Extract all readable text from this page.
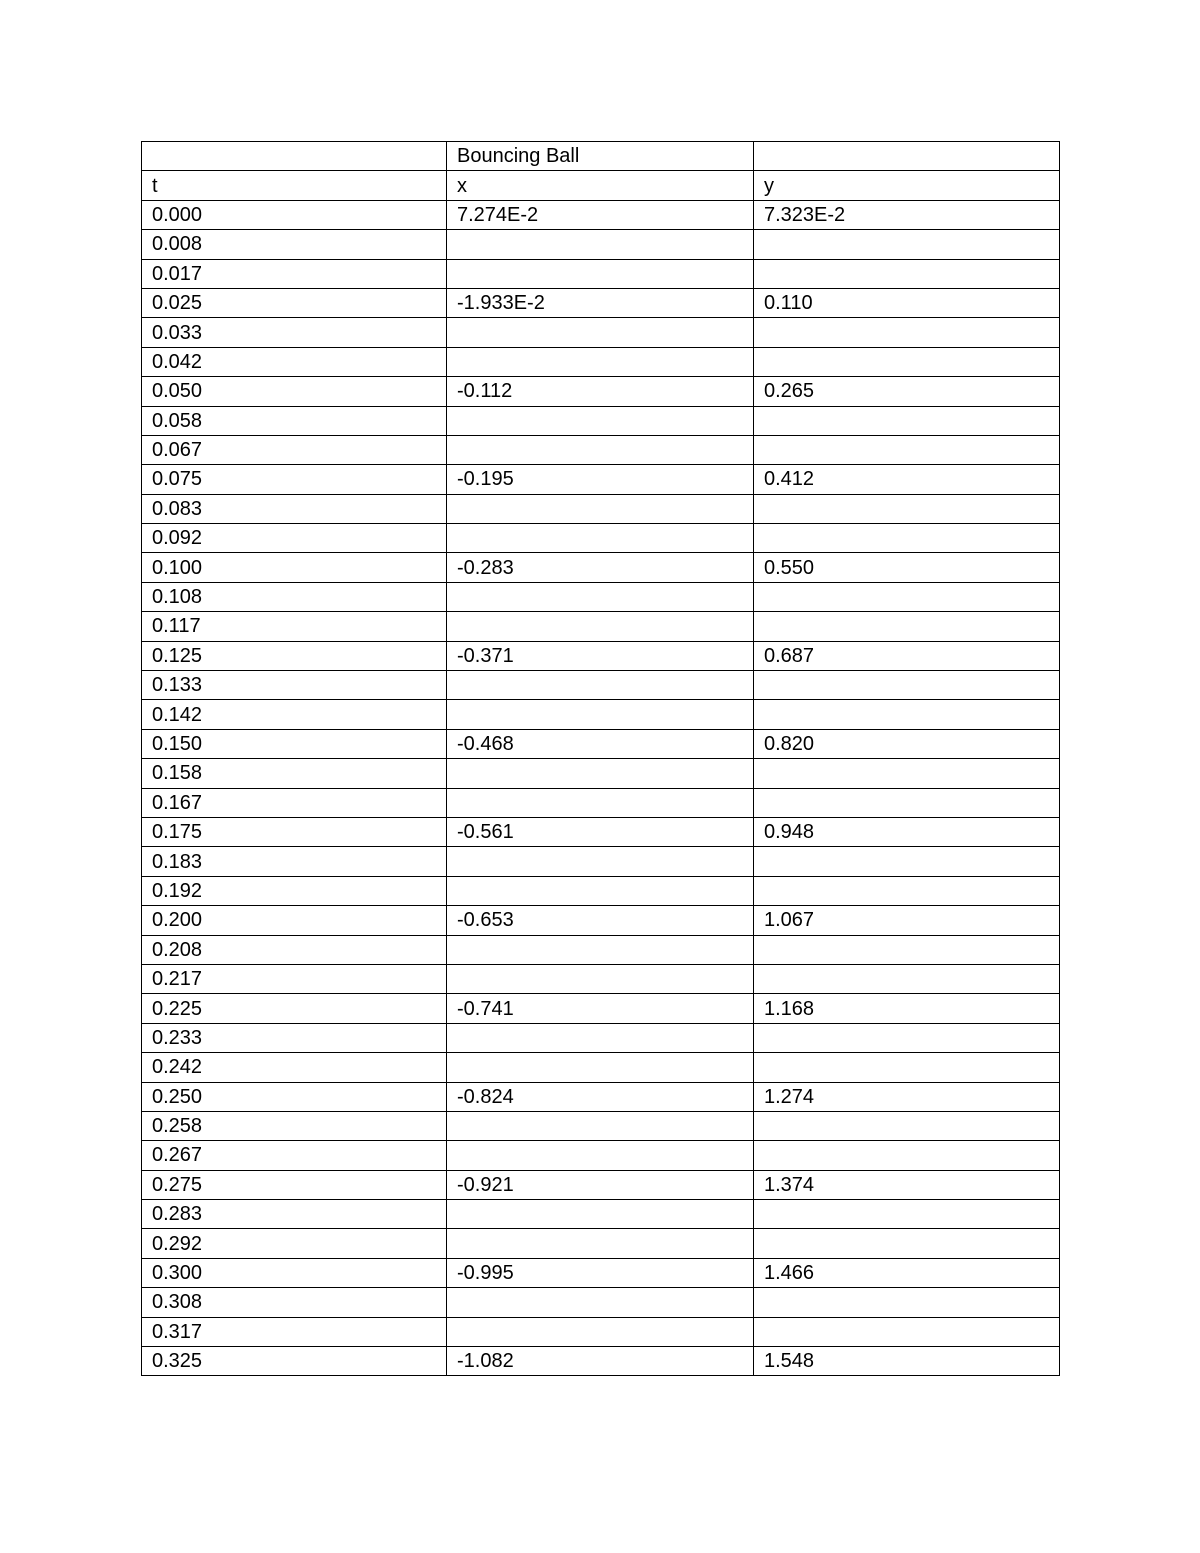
	Bouncing Ball	
t	x	y
0.000	7.274E-2	7.323E-2
0.008		
0.017		
0.025	-1.933E-2	0.110
0.033		
0.042		
0.050	-0.112	0.265
0.058		
0.067		
0.075	-0.195	0.412
0.083		
0.092		
0.100	-0.283	0.550
0.108		
0.117		
0.125	-0.371	0.687
0.133		
0.142		
0.150	-0.468	0.820
0.158		
0.167		
0.175	-0.561	0.948
0.183		
0.192		
0.200	-0.653	1.067
0.208		
0.217		
0.225	-0.741	1.168
0.233		
0.242		
0.250	-0.824	1.274
0.258		
0.267		
0.275	-0.921	1.374
0.283		
0.292		
0.300	-0.995	1.466
0.308		
0.317		
0.325	-1.082	1.548
